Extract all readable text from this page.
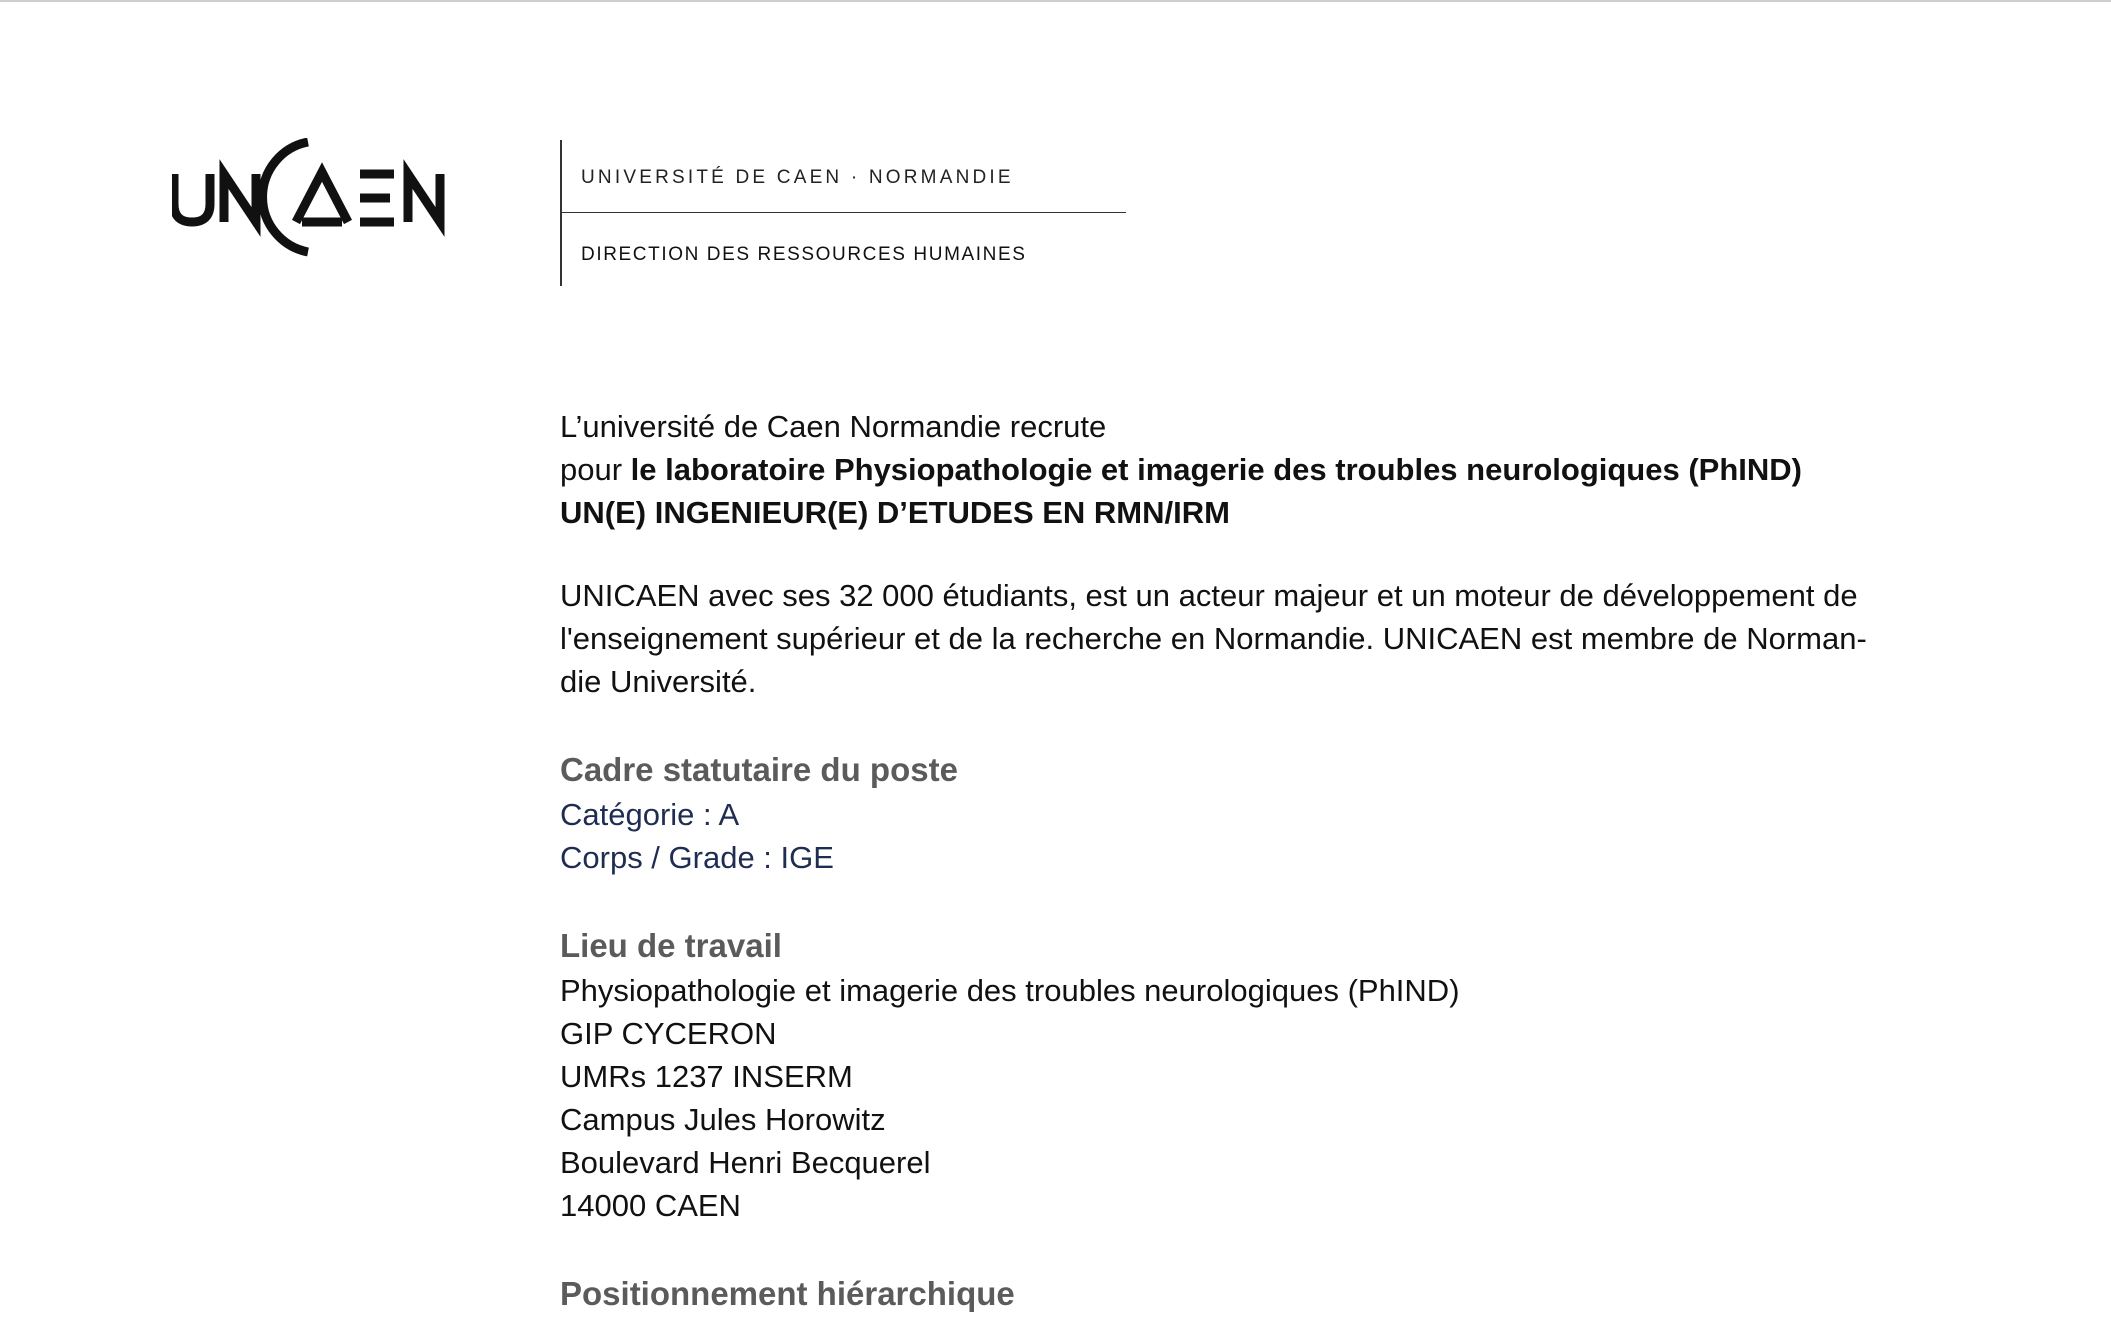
UNIVERSITÉ DE CAEN · NORMANDIE
DIRECTION DES RESSOURCES HUMAINES

L’université de Caen Normandie recrute

pour le laboratoire Physiopathologie et imagerie des troubles neurologiques (PhIND)

UN(E) INGENIEUR(E) D’ETUDES EN RMN/IRM

UNICAEN avec ses 32 000 étudiants, est un acteur majeur et un moteur de développement de
l'enseignement supérieur et de la recherche en Normandie. UNICAEN est membre de Norman-
die Université.

Cadre statutaire du poste

Catégorie : A

Corps / Grade : IGE

Lieu de travail

Physiopathologie et imagerie des troubles neurologiques (PhIND)

GIP CYCERON

UMRs 1237 INSERM

Campus Jules Horowitz

Boulevard Henri Becquerel

14000 CAEN

Positionnement hiérarchique
